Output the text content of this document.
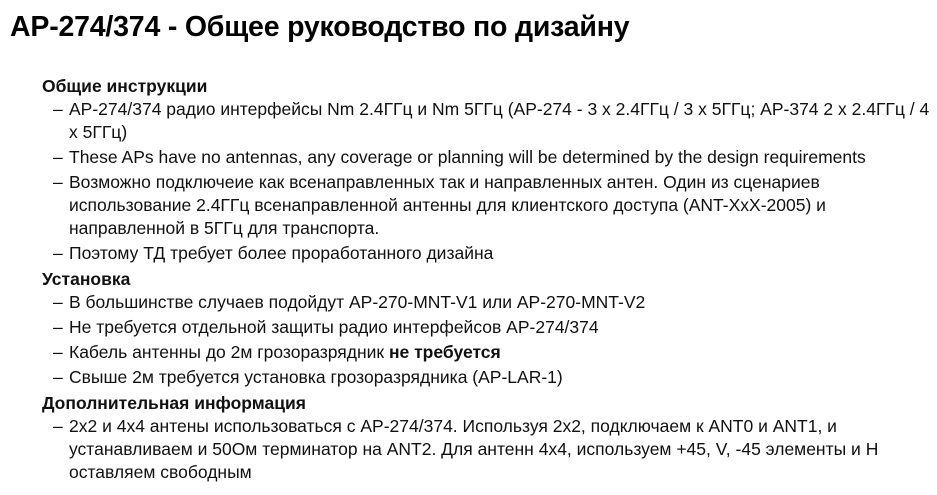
AP-274/374 - Общее руководство по дизайну
Общие инструкции
– AP-274/374 радио интерфейсы Nm 2.4ГГц и Nm 5ГГц (AP-274 - 3 x 2.4ГГц / 3 x 5ГГц; AP-374 2 x 2.4ГГц / 4 x 5ГГц)
– These APs have no antennas, any coverage or planning will be determined by the design requirements
– Возможно подключеие как всенаправленных так и направленных антен. Один из сценариев использование 2.4ГГц всенаправленной антенны для клиентского доступа (ANT-XxX-2005) и направленной в 5ГГц для транспорта.
– Поэтому ТД требует более проработанного дизайна
Установка
– В большинстве случаев подойдут AP-270-MNT-V1 или AP-270-MNT-V2
– Не требуется отдельной защиты радио интерфейсов AP-274/374
– Кабель антенны до 2м грозоразрядник не требуется
– Свыше 2м требуется установка грозоразрядника (AP-LAR-1)
Дополнительная информация
– 2x2 и 4x4 антены использоваться с AP-274/374. Используя 2x2, подключаем к ANT0 и ANT1, и устанавливаем и 50Ом терминатор на ANT2. Для антенн 4x4, используем +45, V, -45 элементы и H оставляем свободным
